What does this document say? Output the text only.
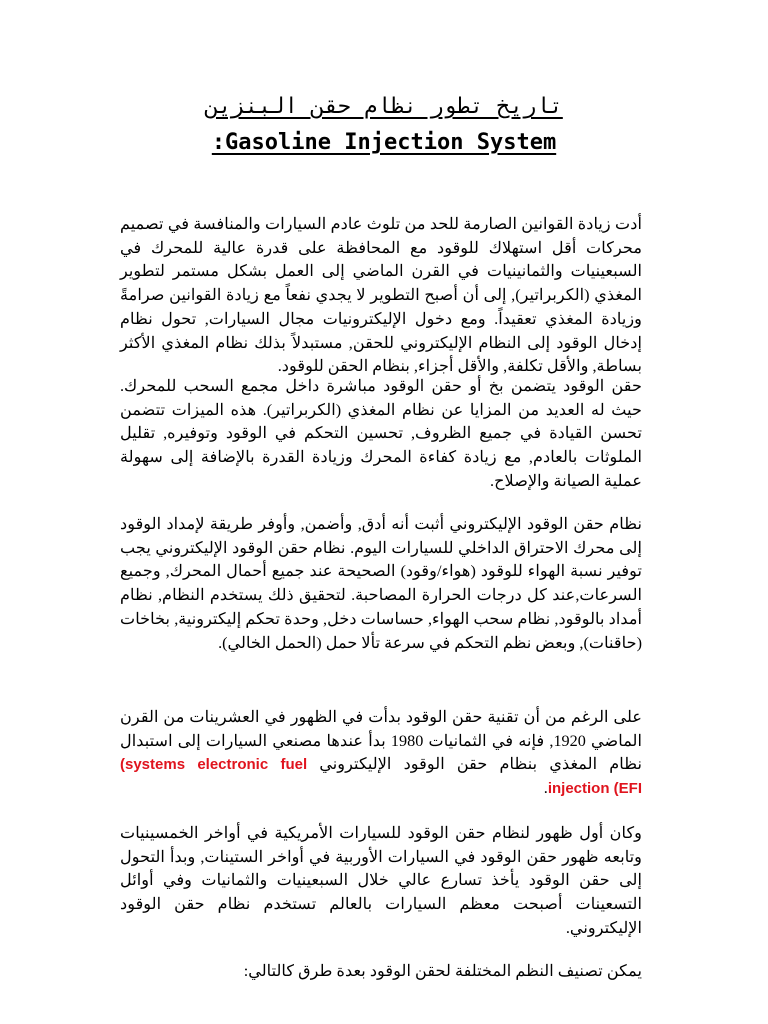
تاريخ تطور نظام حقن البنزين
:Gasoline Injection System

أدت زيادة القوانين الصارمة للحد من تلوث عادم السيارات والمنافسة في تصميم محركات أقل استهلاك للوقود مع المحافظة على قدرة عالية للمحرك في السبعينيات والثمانينيات في القرن الماضي إلى العمل بشكل مستمر لتطوير المغذي (الكربراتير), إلى أن أصبح التطوير لا يجدي نفعاً مع زيادة القوانين صرامةً وزيادة المغذي تعقيداً. ومع دخول الإليكترونيات مجال السيارات, تحول نظام إدخال الوقود إلى النظام الإليكتروني للحقن, مستبدلاً بذلك نظام المغذي الأكثر بساطة, والأقل تكلفة, والأقل أجزاء, بنظام الحقن للوقود.

حقن الوقود يتضمن بخ أو حقن الوقود مباشرة داخل مجمع السحب للمحرك. حيث له العديد من المزايا عن نظام المغذي (الكربراتير). هذه الميزات تتضمن تحسن القيادة في جميع الظروف, تحسين التحكم في الوقود وتوفيره, تقليل الملوثات بالعادم, مع زيادة كفاءة المحرك وزيادة القدرة بالإضافة إلى سهولة عملية الصيانة والإصلاح.

نظام حقن الوقود الإليكتروني أثبت أنه أدق, وأضمن, وأوفر طريقة لإمداد الوقود إلى محرك الاحتراق الداخلي للسيارات اليوم. نظام حقن الوقود الإليكتروني يجب توفير نسبة الهواء للوقود (هواء/وقود) الصحيحة عند جميع أحمال المحرك, وجميع السرعات,عند كل درجات الحرارة المصاحبة. لتحقيق ذلك يستخدم النظام, نظام أمداد بالوقود, نظام سحب الهواء, حساسات دخل, وحدة تحكم إليكترونية, بخاخات (حاقنات), وبعض نظم التحكم في سرعة تألا حمل (الحمل الخالي).

على الرغم من أن تقنية حقن الوقود بدأت في الظهور في العشرينات من القرن الماضي 1920, فإنه في الثمانيات 1980 بدأ عندها مصنعي السيارات إلى استبدال نظام المغذي بنظام حقن الوقود الإليكتروني (systems electronic fuel injection (EFI.

وكان أول ظهور لنظام حقن الوقود للسيارات الأمريكية في أواخر الخمسينيات وتابعه ظهور حقن الوقود في السيارات الأوربية في أواخر الستينات, وبدأ التحول إلى حقن الوقود يأخذ تسارع عالي خلال السبعينيات والثمانيات وفي أوائل التسعينات أصبحت معظم السيارات بالعالم تستخدم نظام حقن الوقود الإليكتروني.

يمكن تصنيف النظم المختلفة لحقن الوقود بعدة طرق كالتالي:
